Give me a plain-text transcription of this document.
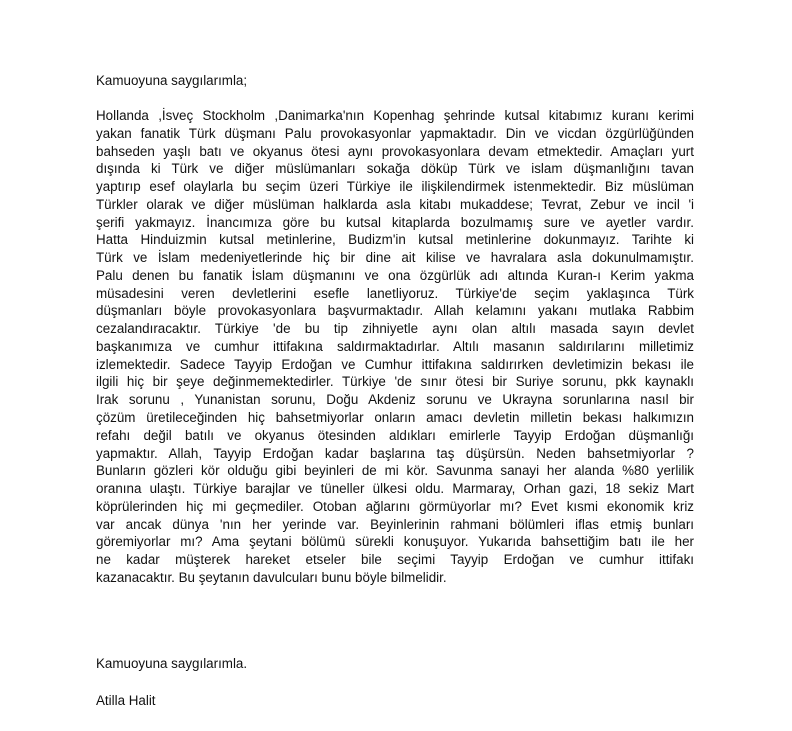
Kamuoyuna saygılarımla;
Hollanda ,İsveç Stockholm ,Danimarka'nın Kopenhag şehrinde kutsal kitabımız kuranı kerimi
yakan fanatik Türk düşmanı Palu provokasyonlar yapmaktadır. Din ve vicdan özgürlüğünden
bahseden yaşlı batı ve okyanus ötesi aynı provokasyonlara devam etmektedir. Amaçları yurt
dışında ki Türk ve diğer müslümanları sokağa döküp Türk ve islam düşmanlığını tavan
yaptırıp esef olaylarla bu seçim üzeri Türkiye ile ilişkilendirmek istenmektedir. Biz müslüman
Türkler olarak ve diğer müslüman halklarda asla kitabı mukaddese; Tevrat, Zebur ve incil 'i
şerifi yakmayız. İnancımıza göre bu kutsal kitaplarda bozulmamış sure ve ayetler vardır.
Hatta Hinduizmin kutsal metinlerine, Budizm'in kutsal metinlerine dokunmayız. Tarihte ki
Türk ve İslam medeniyetlerinde hiç bir dine ait kilise ve havralara asla dokunulmamıştır.
Palu denen bu fanatik İslam düşmanını ve ona özgürlük adı altında Kuran-ı Kerim yakma
müsadesini veren devletlerini esefle lanetliyoruz. Türkiye'de seçim yaklaşınca Türk
düşmanları böyle provokasyonlara başvurmaktadır. Allah kelamını yakanı mutlaka Rabbim
cezalandıracaktır. Türkiye 'de bu tip zihniyetle aynı olan altılı masada sayın devlet
başkanımıza ve cumhur ittifakına saldırmaktadırlar. Altılı masanın saldırılarını milletimiz
izlemektedir. Sadece Tayyip Erdoğan ve Cumhur ittifakına saldırırken devletimizin bekası ile
ilgili hiç bir şeye değinmemektedirler. Türkiye 'de sınır ötesi bir Suriye sorunu, pkk kaynaklı
Irak sorunu , Yunanistan sorunu, Doğu Akdeniz sorunu ve Ukrayna sorunlarına nasıl bir
çözüm üretileceğinden hiç bahsetmiyorlar onların amacı devletin milletin bekası halkımızın
refahı değil batılı ve okyanus ötesinden aldıkları emirlerle Tayyip Erdoğan düşmanlığı
yapmaktır. Allah, Tayyip Erdoğan kadar başlarına taş düşürsün. Neden bahsetmiyorlar ?
Bunların gözleri kör olduğu gibi beyinleri de mi kör. Savunma sanayi her alanda %80 yerlilik
oranına ulaştı. Türkiye barajlar ve tüneller ülkesi oldu. Marmaray, Orhan gazi, 18 sekiz Mart
köprülerinden hiç mi geçmediler. Otoban ağlarını görmüyorlar mı? Evet kısmi ekonomik kriz
var ancak dünya 'nın her yerinde var. Beyinlerinin rahmani bölümleri iflas etmiş bunları
göremiyorlar mı? Ama şeytani bölümü sürekli konuşuyor. Yukarıda bahsettiğim batı ile her
ne kadar müşterek hareket etseler bile seçimi Tayyip Erdoğan ve cumhur ittifakı
kazanacaktır. Bu şeytanın davulcuları bunu böyle bilmelidir.
Kamuoyuna saygılarımla.
Atilla Halit
